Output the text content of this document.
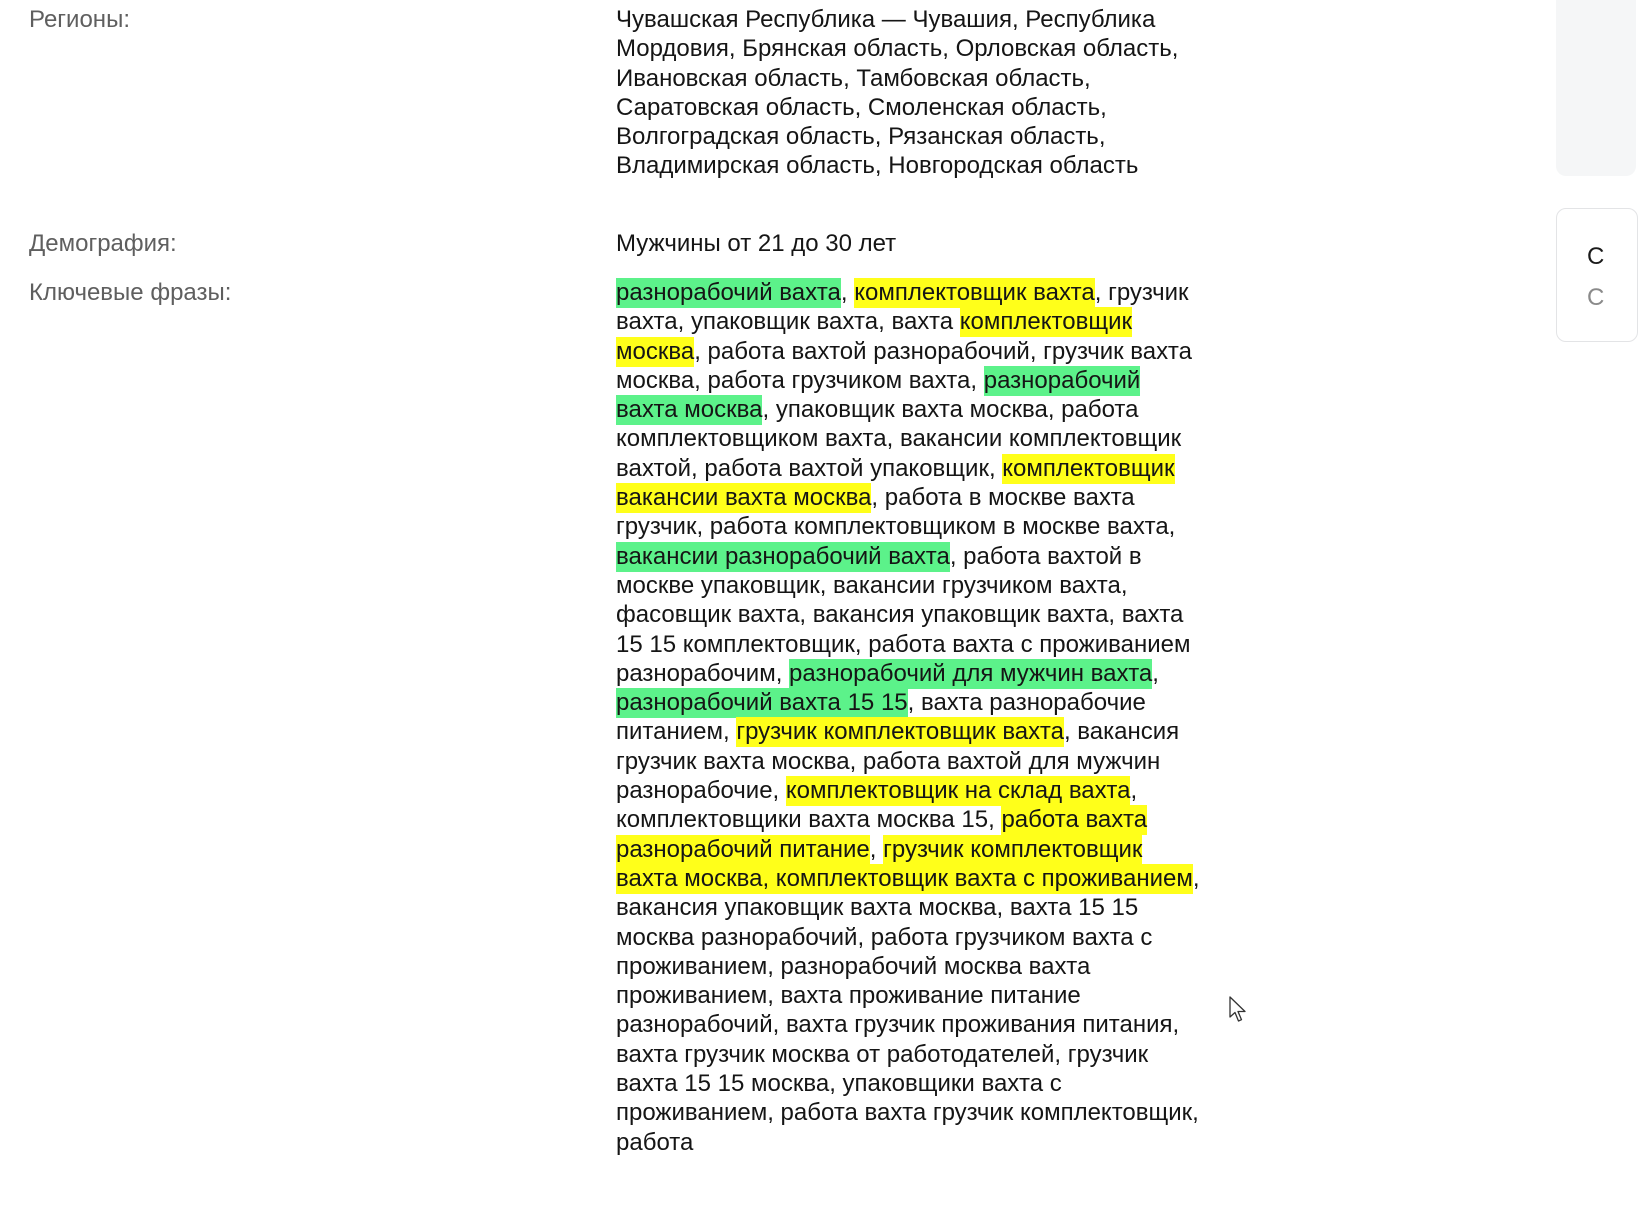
Регионы:	Чувашская Республика — Чувашия, Республика Мордовия, Брянская область, Орловская область, Ивановская область, Тамбовская область, Саратовская область, Смоленская область, Волгоградская область, Рязанская область, Владимирская область, Новгородская область
Демография:	Мужчины от 21 до 30 лет
Ключевые фразы:	разнорабочий вахта, комплектовщик вахта, грузчик вахта, упаковщик вахта, вахта комплектовщик москва, работа вахтой разнорабочий, грузчик вахта москва, работа грузчиком вахта, разнорабочий вахта москва, упаковщик вахта москва, работа комплектовщиком вахта, вакансии комплектовщик вахтой, работа вахтой упаковщик, комплектовщик вакансии вахта москва, работа в москве вахта грузчик, работа комплектовщиком в москве вахта, вакансии разнорабочий вахта, работа вахтой в москве упаковщик, вакансии грузчиком вахта, фасовщик вахта, вакансия упаковщик вахта, вахта 15 15 комплектовщик, работа вахта с проживанием разнорабочим, разнорабочий для мужчин вахта, разнорабочий вахта 15 15, вахта разнорабочие питанием, грузчик комплектовщик вахта, вакансия грузчик вахта москва, работа вахтой для мужчин разнорабочие, комплектовщик на склад вахта, комплектовщики вахта москва 15, работа вахта разнорабочий питание, грузчик комплектовщик вахта москва, комплектовщик вахта с проживанием, вакансия упаковщик вахта москва, вахта 15 15 москва разнорабочий, работа грузчиком вахта с проживанием, разнорабочий москва вахта проживанием, вахта проживание питание разнорабочий, вахта грузчик проживания питания, вахта грузчик москва от работодателей, грузчик вахта 15 15 москва, упаковщики вахта с проживанием, работа вахта грузчик комплектовщик, работа
С
С
